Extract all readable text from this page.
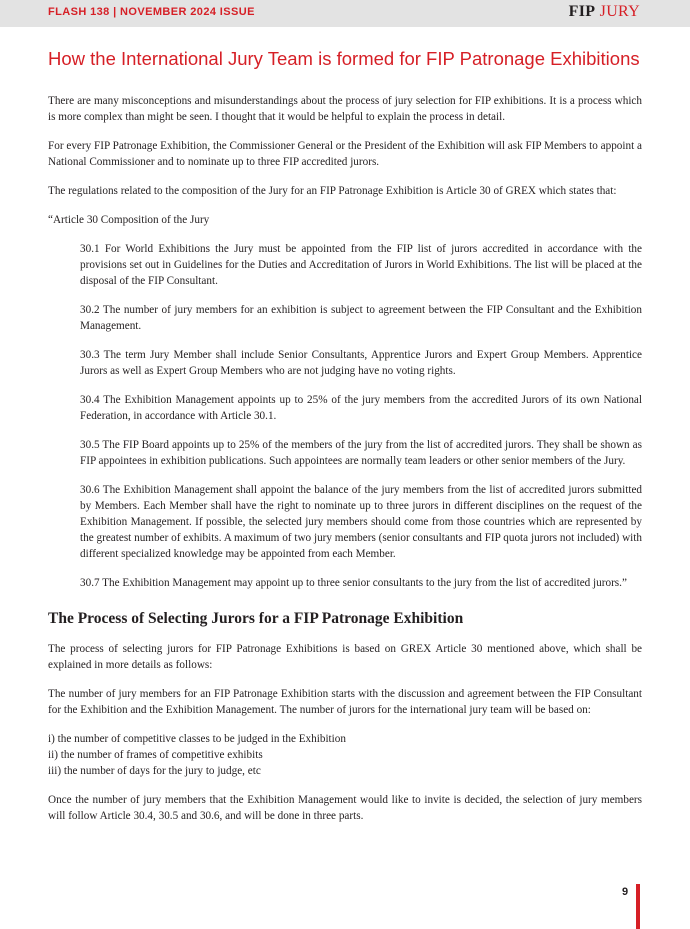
FLASH 138 | NOVEMBER 2024 ISSUE	FIP JURY
How the International Jury Team is formed for FIP Patronage Exhibitions

There are many misconceptions and misunderstandings about the process of jury selection for FIP exhibitions. It is a process which is more complex than might be seen. I thought that it would be helpful to explain the process in detail.

For every FIP Patronage Exhibition, the Commissioner General or the President of the Exhibition will ask FIP Members to appoint a National Commissioner and to nominate up to three FIP accredited jurors.

The regulations related to the composition of the Jury for an FIP Patronage Exhibition is Article 30 of GREX which states that:

“Article 30 Composition of the Jury

30.1 For World Exhibitions the Jury must be appointed from the FIP list of jurors accredited in accordance with the provisions set out in Guidelines for the Duties and Accreditation of Jurors in World Exhibitions. The list will be placed at the disposal of the FIP Consultant.

30.2 The number of jury members for an exhibition is subject to agreement between the FIP Consultant and the Exhibition Management.

30.3 The term Jury Member shall include Senior Consultants, Apprentice Jurors and Expert Group Members. Apprentice Jurors as well as Expert Group Members who are not judging have no voting rights.

30.4 The Exhibition Management appoints up to 25% of the jury members from the accredited Jurors of its own National Federation, in accordance with Article 30.1.

30.5 The FIP Board appoints up to 25% of the members of the jury from the list of accredited jurors. They shall be shown as FIP appointees in exhibition publications. Such appointees are normally team leaders or other senior members of the Jury.

30.6 The Exhibition Management shall appoint the balance of the jury members from the list of accredited jurors submitted by Members. Each Member shall have the right to nominate up to three jurors in different disciplines on the request of the Exhibition Management. If possible, the selected jury members should come from those countries which are represented by the greatest number of exhibits. A maximum of two jury members (senior consultants and FIP quota jurors not included) with different specialized knowledge may be appointed from each Member.

30.7 The Exhibition Management may appoint up to three senior consultants to the jury from the list of accredited jurors.”

The Process of Selecting Jurors for a FIP Patronage Exhibition

The process of selecting jurors for FIP Patronage Exhibitions is based on GREX Article 30 mentioned above, which shall be explained in more details as follows:

The number of jury members for an FIP Patronage Exhibition starts with the discussion and agreement between the FIP Consultant for the Exhibition and the Exhibition Management. The number of jurors for the international jury team will be based on:

i) the number of competitive classes to be judged in the Exhibition
ii) the number of frames of competitive exhibits
iii) the number of days for the jury to judge, etc

Once the number of jury members that the Exhibition Management would like to invite is decided, the selection of jury members will follow Article 30.4, 30.5 and 30.6, and will be done in three parts.

9
